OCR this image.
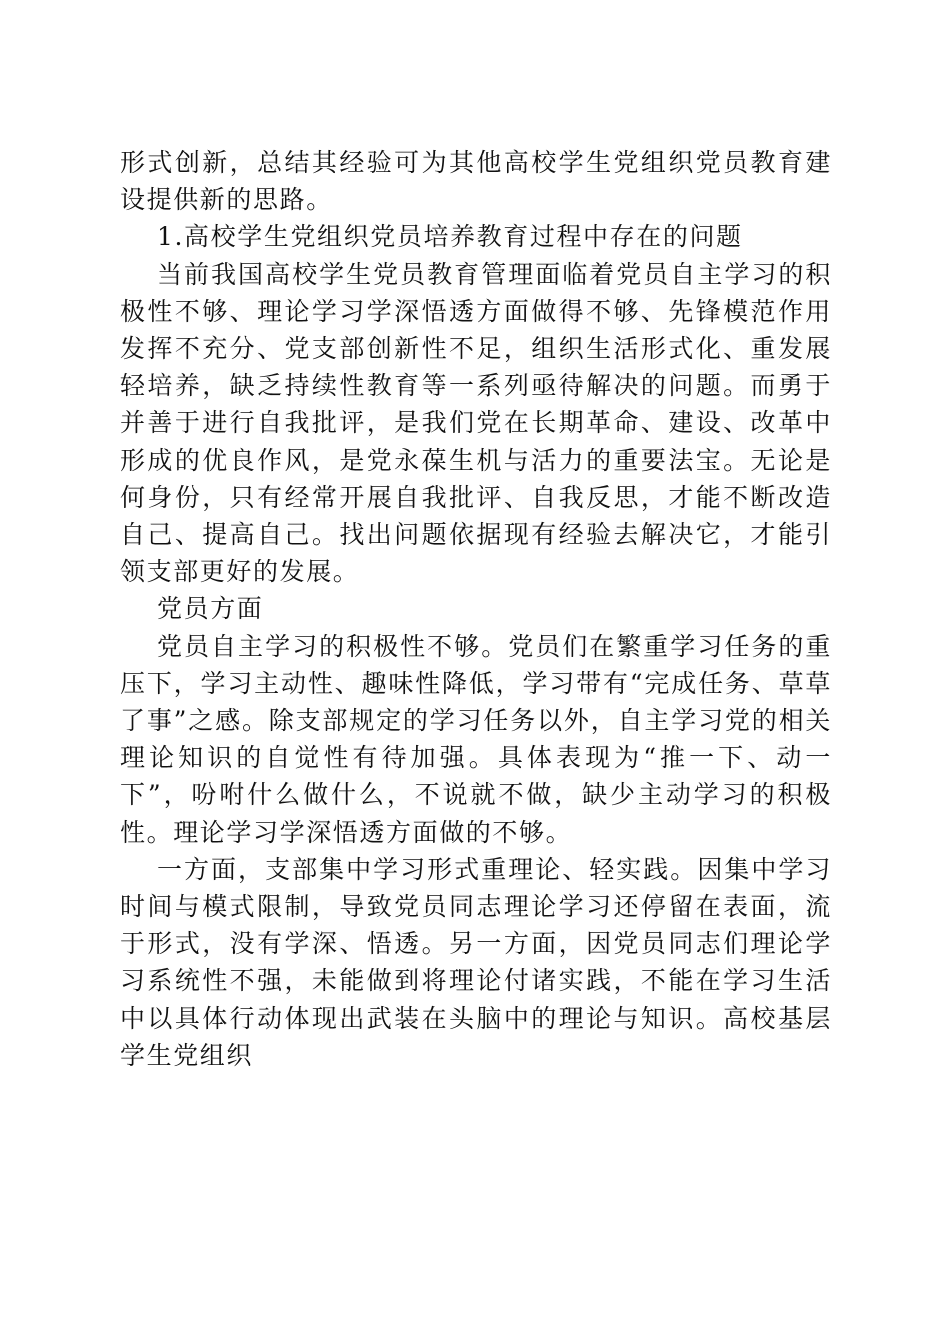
形式创新，总结其经验可为其他高校学生党组织党员教育建设提供新的思路。

1.高校学生党组织党员培养教育过程中存在的问题

当前我国高校学生党员教育管理面临着党员自主学习的积极性不够、理论学习学深悟透方面做得不够、先锋模范作用发挥不充分、党支部创新性不足，组织生活形式化、重发展轻培养，缺乏持续性教育等一系列亟待解决的问题。而勇于并善于进行自我批评，是我们党在长期革命、建设、改革中形成的优良作风，是党永葆生机与活力的重要法宝。无论是何身份，只有经常开展自我批评、自我反思，才能不断改造自己、提高自己。找出问题依据现有经验去解决它，才能引领支部更好的发展。

党员方面

党员自主学习的积极性不够。党员们在繁重学习任务的重压下，学习主动性、趣味性降低，学习带有“完成任务、草草了事”之感。除支部规定的学习任务以外，自主学习党的相关理论知识的自觉性有待加强。具体表现为“推一下、动一下”，吩咐什么做什么，不说就不做，缺少主动学习的积极性。理论学习学深悟透方面做的不够。

一方面，支部集中学习形式重理论、轻实践。因集中学习时间与模式限制，导致党员同志理论学习还停留在表面，流于形式，没有学深、悟透。另一方面，因党员同志们理论学习系统性不强，未能做到将理论付诸实践，不能在学习生活中以具体行动体现出武装在头脑中的理论与知识。高校基层学生党组织
